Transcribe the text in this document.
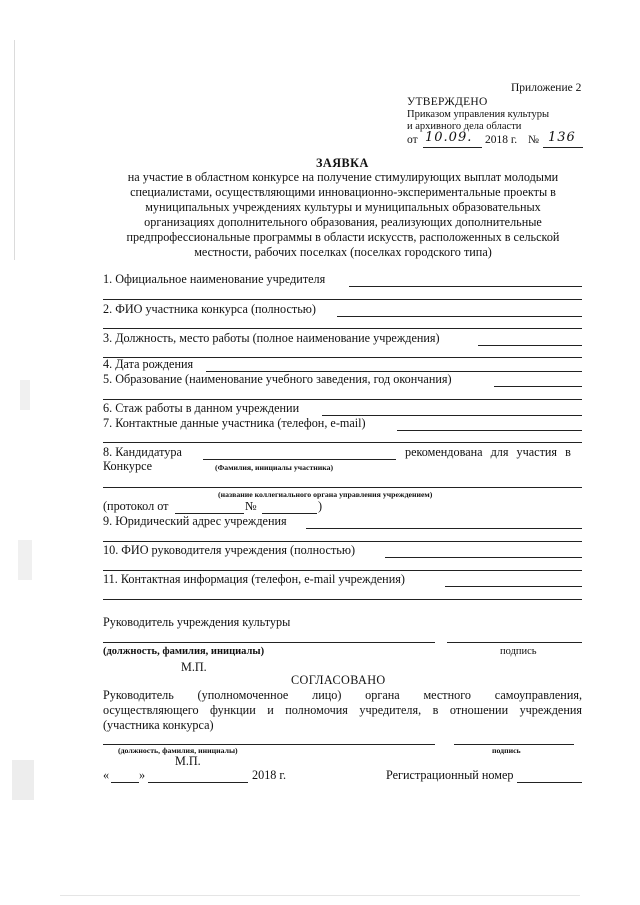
Приложение 2
УТВЕРЖДЕНО
Приказом управления культуры
и архивного дела области
от 10.09. 2018 г. № 136
ЗАЯВКА
на участие в областном конкурсе на получение стимулирующих выплат молодыми
специалистами, осуществляющими инновационно-экспериментальные проекты в
муниципальных учреждениях культуры и муниципальных образовательных
организациях дополнительного образования, реализующих дополнительные
предпрофессиональные программы в области искусств, расположенных в сельской
местности, рабочих поселках (поселках городского типа)
1. Официальное наименование учредителя
2. ФИО участника конкурса (полностью)
3. Должность, место работы (полное наименование учреждения)
4. Дата рождения
5. Образование (наименование учебного заведения, год окончания)
6. Стаж работы в данном учреждении
7. Контактные данные участника (телефон, e-mail)
8. Кандидатура	рекомендована для участия в
Конкурсе	(Фамилия, инициалы участника)
(название коллегиального органа управления учреждением)
(протокол от	№	)
9. Юридический адрес учреждения
10. ФИО руководителя учреждения (полностью)
11. Контактная информация (телефон, e-mail учреждения)
Руководитель учреждения культуры
(должность, фамилия, инициалы)	подпись
М.П.
СОГЛАСОВАНО
Руководитель (уполномоченное лицо) органа местного самоуправления,
осуществляющего функции и полномочия учредителя, в отношении учреждения
(участника конкурса)
(должность, фамилия, инициалы)	подпись
М.П.
« »	2018 г.	Регистрационный номер
